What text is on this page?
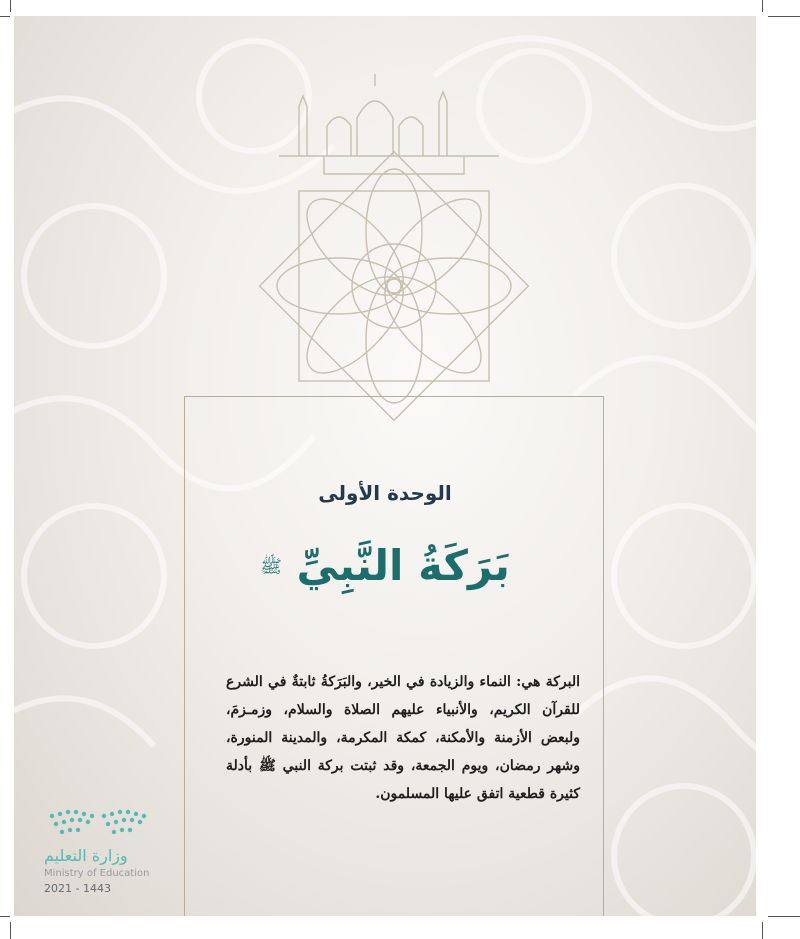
الوحدة الأولى
بَرَكَةُ النَّبِيِّ ﷺ

البركة هي: النماء والزيادة في الخير، والبَرَكةُ ثابتةٌ في الشرع للقرآن الكريم، والأنبياء عليهم الصلاة والسلام، وزمـزمَ، ولبعض الأزمنة والأمكنة، كمكة المكرمة، والمدينة المنورة، وشهر رمضان، ويوم الجمعة، وقد ثبتت بركة النبي ﷺ بأدلة كثيرة قطعية اتفق عليها المسلمون.

وزارة التعليم
Ministry of Education
2021 - 1443
